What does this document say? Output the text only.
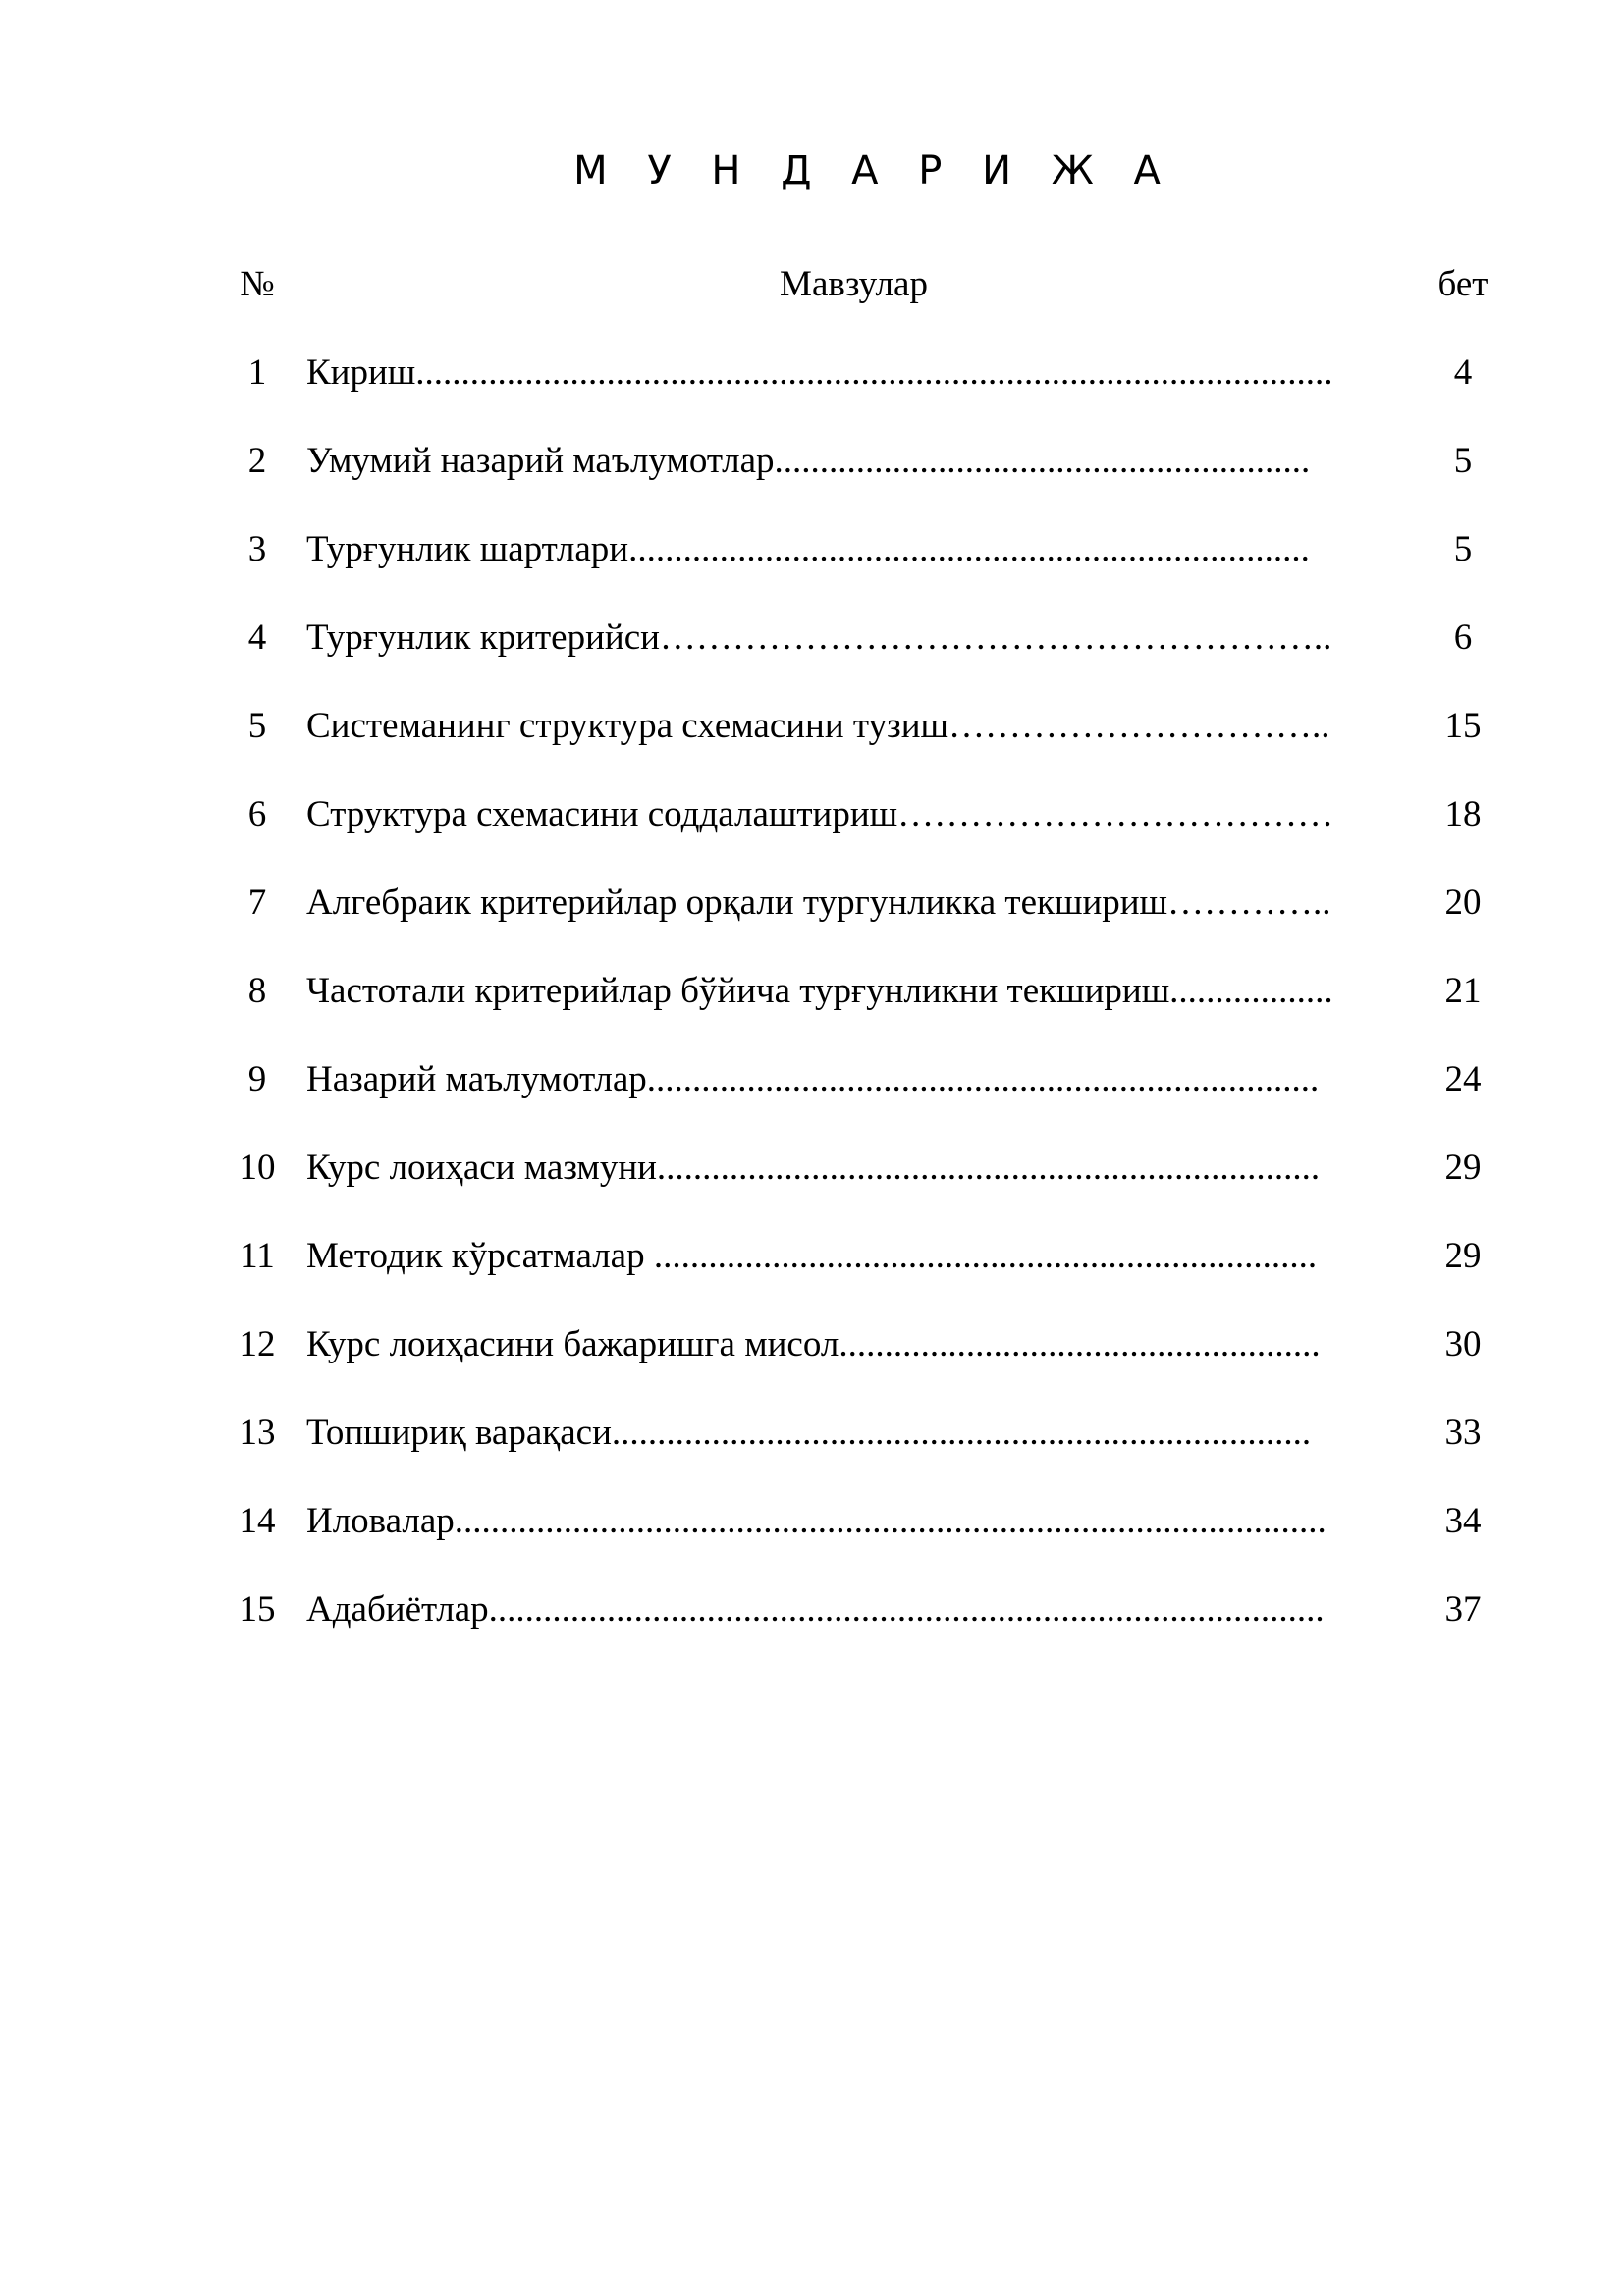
М У Н Д А Р И Ж А
№	Мавзулар	бет
1	Кириш.....................................................................................................	4
2	Умумий назарий маълумотлар...........................................................	5
3	Турғунлик шартлари...........................................................................	5
4	Турғунлик критерийси………………………………………………..	6
5	Системанинг структура схемасини тузиш…………………………..	15
6	Структура схемасини соддалаштириш………………………………	18
7	Алгебраик критерийлар орқали тургунликка текшириш…………..	20
8	Частотали критерийлар бўйича турғунликни текшириш..................	21
9	Назарий маълумотлар..........................................................................	24
10 Курс лоиҳаси мазмуни.........................................................................	29
11 Методик кўрсатмалар .........................................................................	29
12 Курс лоиҳасини бажаришга мисол.....................................................	30
13 Топшириқ варақаси.............................................................................	33
14 Иловалар................................................................................................	34
15 Адабиётлар............................................................................................	37
